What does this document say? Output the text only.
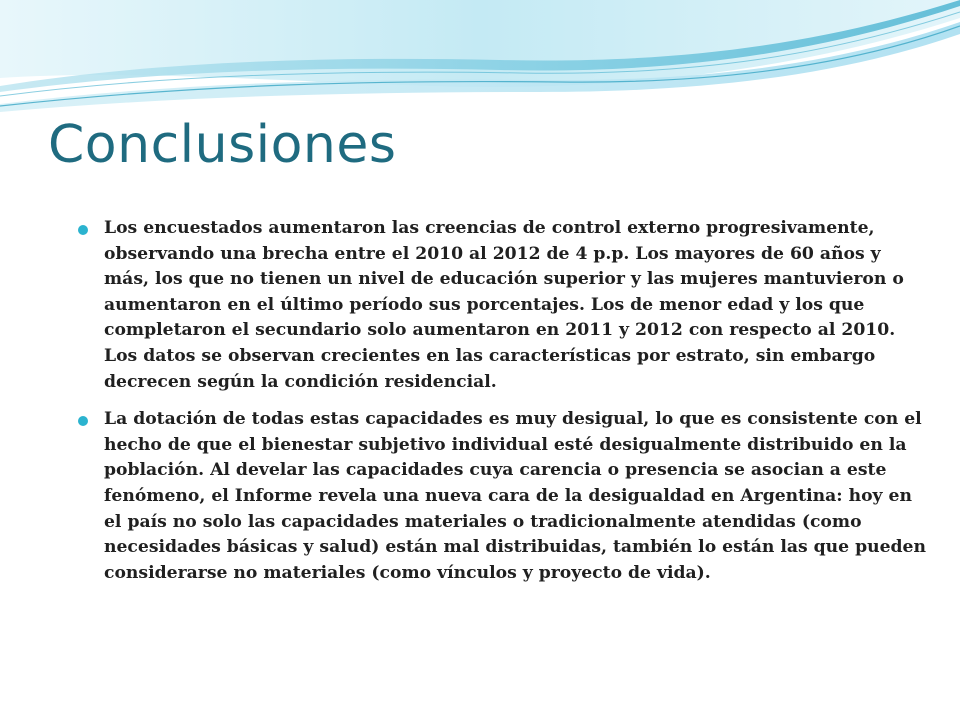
Conclusiones
Los encuestados aumentaron las creencias de control externo progresivamente, observando una brecha entre el 2010 al 2012 de 4 p.p. Los mayores de 60 años y más, los que no tienen un nivel de educación superior y las mujeres mantuvieron o aumentaron en el último período sus porcentajes. Los de menor edad y los que completaron el secundario solo aumentaron en 2011 y 2012 con respecto al 2010. Los datos se observan crecientes en las características por estrato, sin embargo decrecen según la condición residencial.
La dotación de todas estas capacidades es muy desigual, lo que es consistente con el hecho de que el bienestar subjetivo individual esté desigualmente distribuido en la población. Al develar las capacidades cuya carencia o presencia se asocian a este fenómeno, el Informe revela una nueva cara de la desigualdad en Argentina: hoy en el país no solo las capacidades materiales o tradicionalmente atendidas (como necesidades básicas y salud) están mal distribuidas, también lo están las que pueden considerarse no materiales (como vínculos y proyecto de vida).
